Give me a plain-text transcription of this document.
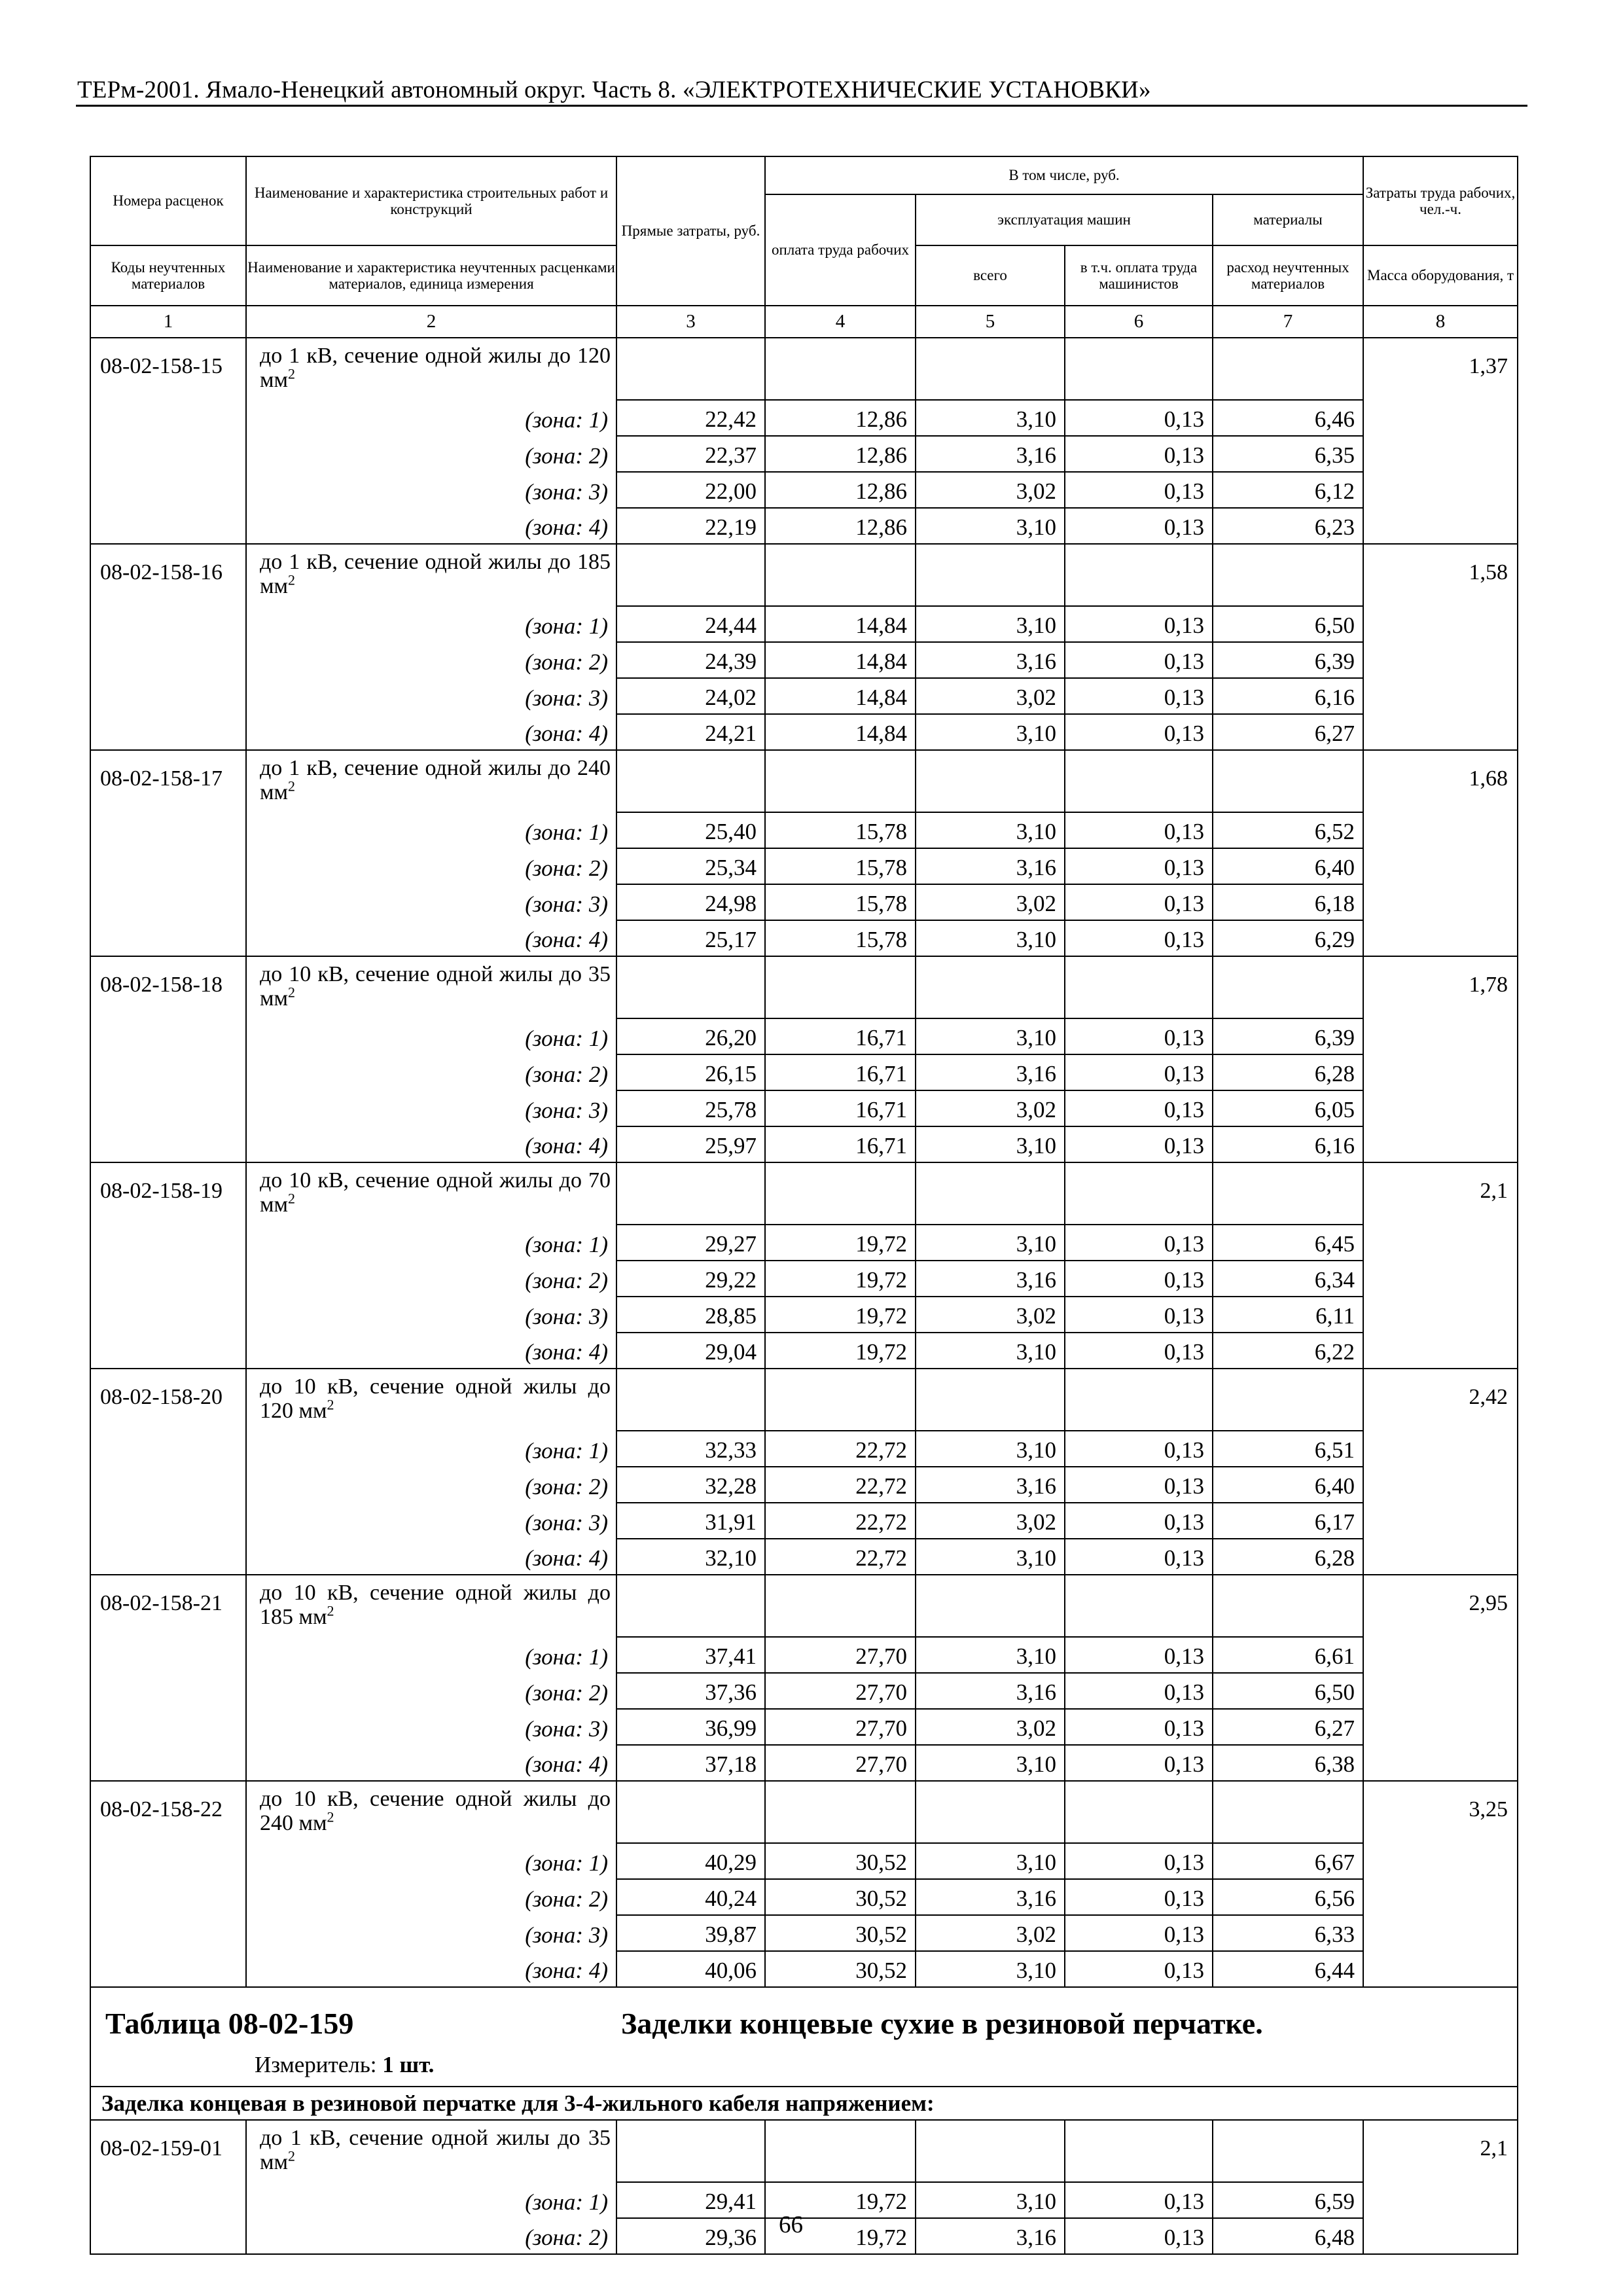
ТЕРм-2001. Ямало-Ненецкий автономный округ. Часть 8. «ЭЛЕКТРОТЕХНИЧЕСКИЕ УСТАНОВКИ»
Номера расценок	Наименование и характеристика строительных работ и конструкций	Прямые затраты, руб.	В том числе, руб.				Затраты труда рабочих, чел.-ч.
			оплата труда рабочих	эксплуатация машин		материалы	
Коды неучтенных материалов	Наименование и характеристика неучтенных расценками материалов, единица измерения			всего	в т.ч. оплата труда машинистов	расход неучтенных материалов	Масса оборудования, т
1	2	3	4	5	6	7	8
08-02-158-15	до 1 кВ, сечение одной жилы до 120 $мм^2$						1,37
	(зона: 1)	22,42	12,86	3,10	0,13	6,46	
	(зона: 2)	22,37	12,86	3,16	0,13	6,35	
	(зона: 3)	22,00	12,86	3,02	0,13	6,12	
	(зона: 4)	22,19	12,86	3,10	0,13	6,23	
08-02-158-16	до 1 кВ, сечение одной жилы до 185 $мм^2$						1,58
	(зона: 1)	24,44	14,84	3,10	0,13	6,50	
	(зона: 2)	24,39	14,84	3,16	0,13	6,39	
	(зона: 3)	24,02	14,84	3,02	0,13	6,16	
	(зона: 4)	24,21	14,84	3,10	0,13	6,27	
08-02-158-17	до 1 кВ, сечение одной жилы до 240 $мм^2$						1,68
	(зона: 1)	25,40	15,78	3,10	0,13	6,52	
	(зона: 2)	25,34	15,78	3,16	0,13	6,40	
	(зона: 3)	24,98	15,78	3,02	0,13	6,18	
	(зона: 4)	25,17	15,78	3,10	0,13	6,29	
08-02-158-18	до 10 кВ, сечение одной жилы до 35 $мм^2$						1,78
	(зона: 1)	26,20	16,71	3,10	0,13	6,39	
	(зона: 2)	26,15	16,71	3,16	0,13	6,28	
	(зона: 3)	25,78	16,71	3,02	0,13	6,05	
	(зона: 4)	25,97	16,71	3,10	0,13	6,16	
08-02-158-19	до 10 кВ, сечение одной жилы до 70 $мм^2$						2,1
	(зона: 1)	29,27	19,72	3,10	0,13	6,45	
	(зона: 2)	29,22	19,72	3,16	0,13	6,34	
	(зона: 3)	28,85	19,72	3,02	0,13	6,11	
	(зона: 4)	29,04	19,72	3,10	0,13	6,22	
08-02-158-20	до 10 кВ, сечение одной жилы до 120 $мм^2$						2,42
	(зона: 1)	32,33	22,72	3,10	0,13	6,51	
	(зона: 2)	32,28	22,72	3,16	0,13	6,40	
	(зона: 3)	31,91	22,72	3,02	0,13	6,17	
	(зона: 4)	32,10	22,72	3,10	0,13	6,28	
08-02-158-21	до 10 кВ, сечение одной жилы до 185 $мм^2$						2,95
	(зона: 1)	37,41	27,70	3,10	0,13	6,61	
	(зона: 2)	37,36	27,70	3,16	0,13	6,50	
	(зона: 3)	36,99	27,70	3,02	0,13	6,27	
	(зона: 4)	37,18	27,70	3,10	0,13	6,38	
08-02-158-22	до 10 кВ, сечение одной жилы до 240 $мм^2$						3,25
	(зона: 1)	40,29	30,52	3,10	0,13	6,67	
	(зона: 2)	40,24	30,52	3,16	0,13	6,56	
	(зона: 3)	39,87	30,52	3,02	0,13	6,33	
	(зона: 4)	40,06	30,52	3,10	0,13	6,44	

Таблица 08-02-159 Заделки концевые сухие в резиновой перчатке.
Измеритель: 1 шт.							

Заделка концевая в резиновой перчатке для 3-4-жильного кабеля напряжением:							
08-02-159-01	до 1 кВ, сечение одной жилы до 35 $мм^2$						2,1
	(зона: 1)	29,41	19,72	3,10	0,13	6,59	
	(зона: 2)	29,36	19,72	3,16	0,13	6,48	
66
